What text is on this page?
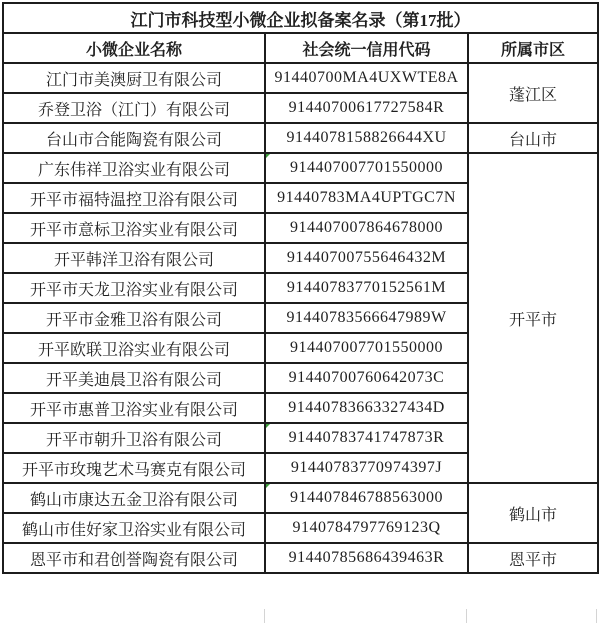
江门市科技型小微企业拟备案名录（第17批）		
小微企业名称	社会统一信用代码	所属市区
江门市美澳厨卫有限公司	91440700MA4UXWTE8A	蓬江区
乔登卫浴（江门）有限公司	91440700617727584R	
台山市合能陶瓷有限公司	9144078158826644XU	台山市
广东伟祥卫浴实业有限公司	914407007701550000	开平市
开平市福特温控卫浴有限公司	91440783MA4UPTGC7N	
开平市意标卫浴实业有限公司	914407007864678000	
开平韩洋卫浴有限公司	91440700755646432M	
开平市天龙卫浴实业有限公司	91440783770152561M	
开平市金雅卫浴有限公司	91440783566647989W	
开平欧联卫浴实业有限公司	914407007701550000	
开平美迪晨卫浴有限公司	91440700760642073C	
开平市惠普卫浴实业有限公司	91440783663327434D	
开平市朝升卫浴有限公司	91440783741747873R	

开平市玫瑰艺术马赛克有限公司	91440783770974397J	
鹤山市康达五金卫浴有限公司	914407846788563000	鹤山市
鹤山市佳好家卫浴实业有限公司	9140784797769123Q	
恩平市和君创誉陶瓷有限公司	91440785686439463R	恩平市
